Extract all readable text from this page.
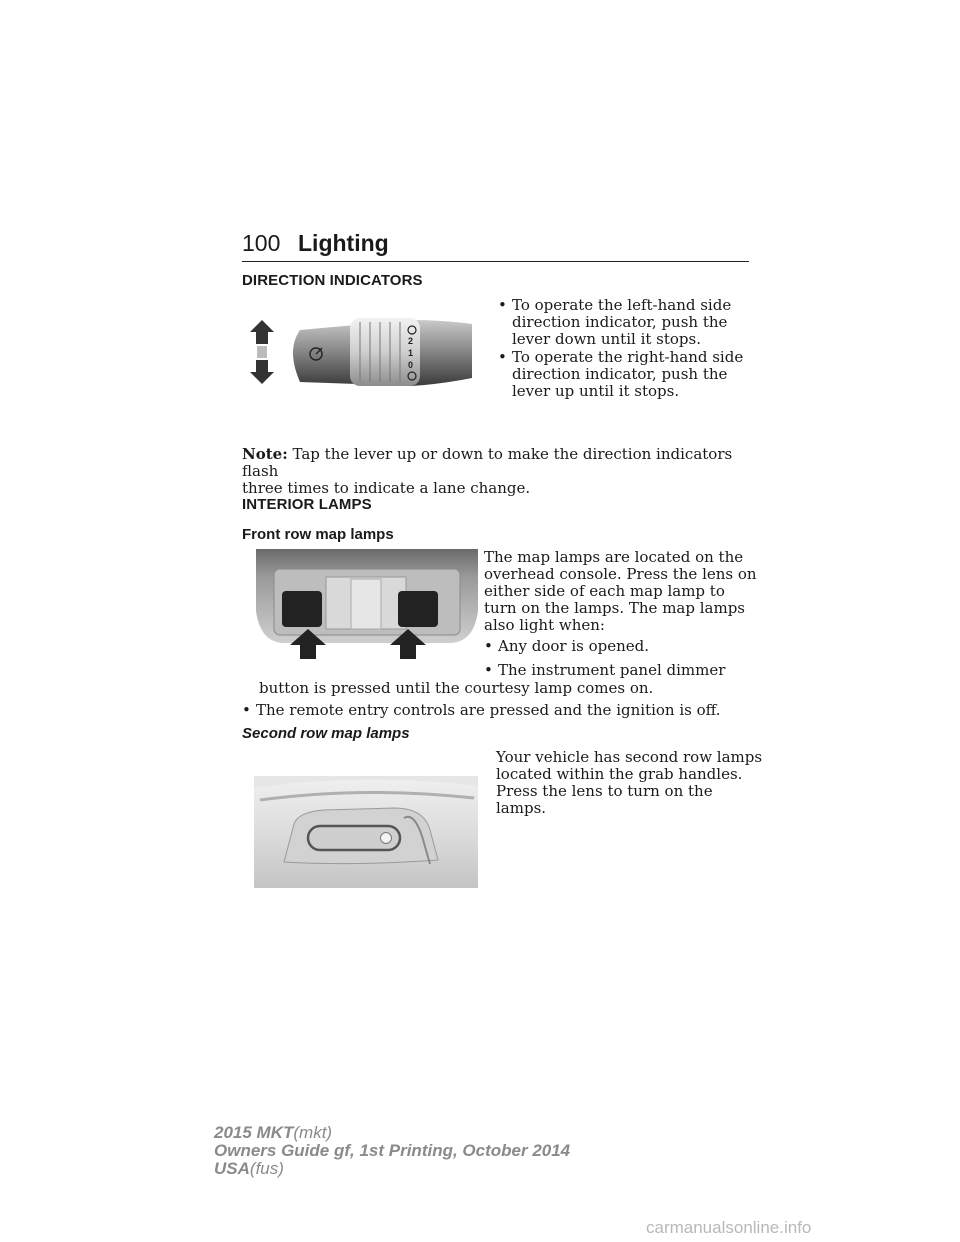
100 Lighting
DIRECTION INDICATORS
2
1
0
• To operate the left-hand side direction indicator, push the lever down until it stops.
• To operate the right-hand side direction indicator, push the lever up until it stops.
Note: Tap the lever up or down to make the direction indicators flash
three times to indicate a lane change.
INTERIOR LAMPS
Front row map lamps
The map lamps are located on the overhead console. Press the lens on either side of each map lamp to turn on the lamps. The map lamps also light when:
• Any door is opened.
• The instrument panel dimmer
button is pressed until the courtesy lamp comes on.
• The remote entry controls are pressed and the ignition is off.
Second row map lamps
Your vehicle has second row lamps located within the grab handles. Press the lens to turn on the lamps.
2015 MKT(mkt)
Owners Guide gf, 1st Printing, October 2014
USA(fus)
carmanualsonline.info
